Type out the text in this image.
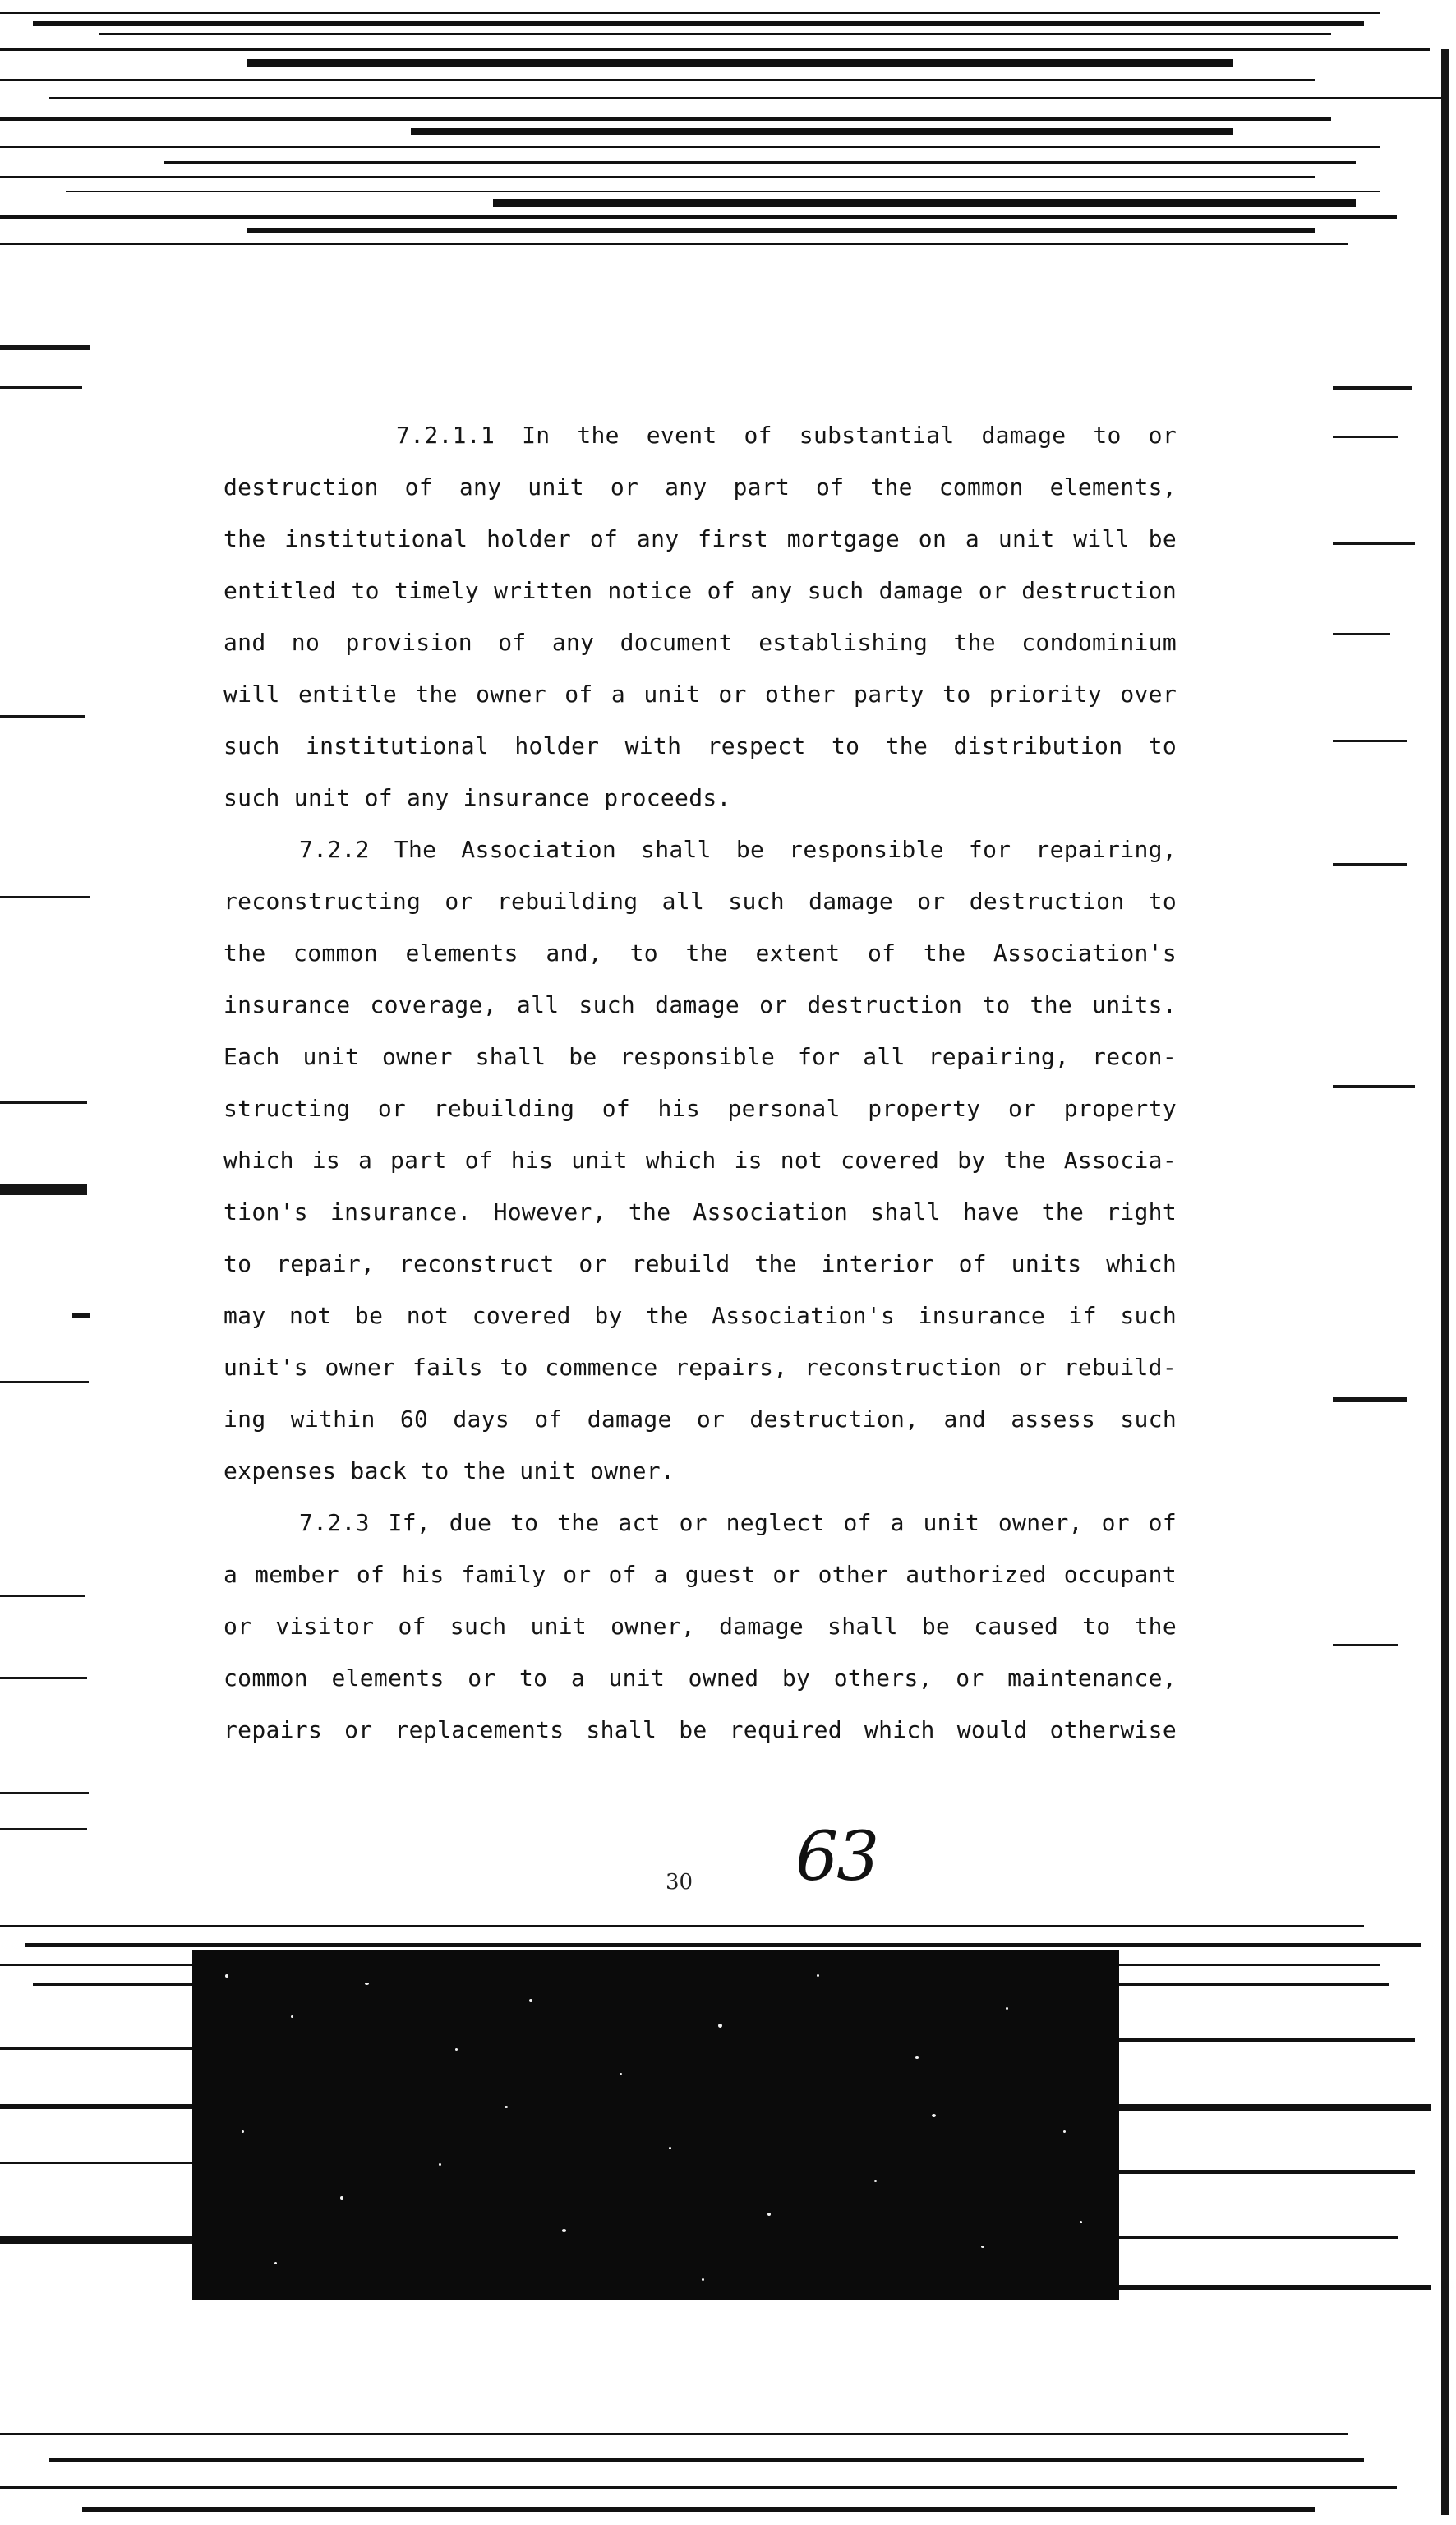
7.2.1.1 In the event of substantial damage to or
destruction of any unit or any part of the common elements,
the institutional holder of any first mortgage on a unit will be
entitled to timely written notice of any such damage or destruction
and no provision of any document establishing the condominium
will entitle the owner of a unit or other party to priority over
such institutional holder with respect to the distribution to
such unit of any insurance proceeds.
7.2.2 The Association shall be responsible for repairing,
reconstructing or rebuilding all such damage or destruction to
the common elements and, to the extent of the Association's
insurance coverage, all such damage or destruction to the units.
Each unit owner shall be responsible for all repairing, recon-
structing or rebuilding of his personal property or property
which is a part of his unit which is not covered by the Associa-
tion's insurance. However, the Association shall have the right
to repair, reconstruct or rebuild the interior of units which
may not be not covered by the Association's insurance if such
unit's owner fails to commence repairs, reconstruction or rebuild-
ing within 60 days of damage or destruction, and assess such
expenses back to the unit owner.
7.2.3 If, due to the act or neglect of a unit owner, or of
a member of his family or of a guest or other authorized occupant
or visitor of such unit owner, damage shall be caused to the
common elements or to a unit owned by others, or maintenance,
repairs or replacements shall be required which would otherwise
30 63
